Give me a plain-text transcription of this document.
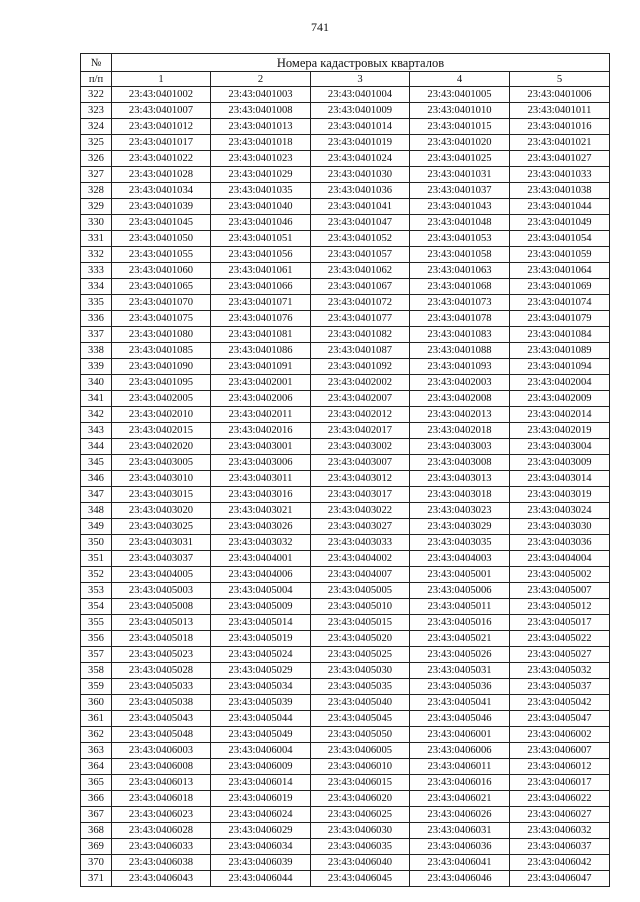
741
№	Номера кадастровых кварталов				
п/п	1	2	3	4	5
322	23:43:0401002	23:43:0401003	23:43:0401004	23:43:0401005	23:43:0401006
323	23:43:0401007	23:43:0401008	23:43:0401009	23:43:0401010	23:43:0401011
324	23:43:0401012	23:43:0401013	23:43:0401014	23:43:0401015	23:43:0401016
325	23:43:0401017	23:43:0401018	23:43:0401019	23:43:0401020	23:43:0401021
326	23:43:0401022	23:43:0401023	23:43:0401024	23:43:0401025	23:43:0401027
327	23:43:0401028	23:43:0401029	23:43:0401030	23:43:0401031	23:43:0401033
328	23:43:0401034	23:43:0401035	23:43:0401036	23:43:0401037	23:43:0401038
329	23:43:0401039	23:43:0401040	23:43:0401041	23:43:0401043	23:43:0401044
330	23:43:0401045	23:43:0401046	23:43:0401047	23:43:0401048	23:43:0401049
331	23:43:0401050	23:43:0401051	23:43:0401052	23:43:0401053	23:43:0401054
332	23:43:0401055	23:43:0401056	23:43:0401057	23:43:0401058	23:43:0401059
333	23:43:0401060	23:43:0401061	23:43:0401062	23:43:0401063	23:43:0401064
334	23:43:0401065	23:43:0401066	23:43:0401067	23:43:0401068	23:43:0401069
335	23:43:0401070	23:43:0401071	23:43:0401072	23:43:0401073	23:43:0401074
336	23:43:0401075	23:43:0401076	23:43:0401077	23:43:0401078	23:43:0401079
337	23:43:0401080	23:43:0401081	23:43:0401082	23:43:0401083	23:43:0401084
338	23:43:0401085	23:43:0401086	23:43:0401087	23:43:0401088	23:43:0401089
339	23:43:0401090	23:43:0401091	23:43:0401092	23:43:0401093	23:43:0401094
340	23:43:0401095	23:43:0402001	23:43:0402002	23:43:0402003	23:43:0402004
341	23:43:0402005	23:43:0402006	23:43:0402007	23:43:0402008	23:43:0402009
342	23:43:0402010	23:43:0402011	23:43:0402012	23:43:0402013	23:43:0402014
343	23:43:0402015	23:43:0402016	23:43:0402017	23:43:0402018	23:43:0402019
344	23:43:0402020	23:43:0403001	23:43:0403002	23:43:0403003	23:43:0403004
345	23:43:0403005	23:43:0403006	23:43:0403007	23:43:0403008	23:43:0403009
346	23:43:0403010	23:43:0403011	23:43:0403012	23:43:0403013	23:43:0403014
347	23:43:0403015	23:43:0403016	23:43:0403017	23:43:0403018	23:43:0403019
348	23:43:0403020	23:43:0403021	23:43:0403022	23:43:0403023	23:43:0403024
349	23:43:0403025	23:43:0403026	23:43:0403027	23:43:0403029	23:43:0403030
350	23:43:0403031	23:43:0403032	23:43:0403033	23:43:0403035	23:43:0403036
351	23:43:0403037	23:43:0404001	23:43:0404002	23:43:0404003	23:43:0404004
352	23:43:0404005	23:43:0404006	23:43:0404007	23:43:0405001	23:43:0405002
353	23:43:0405003	23:43:0405004	23:43:0405005	23:43:0405006	23:43:0405007
354	23:43:0405008	23:43:0405009	23:43:0405010	23:43:0405011	23:43:0405012
355	23:43:0405013	23:43:0405014	23:43:0405015	23:43:0405016	23:43:0405017
356	23:43:0405018	23:43:0405019	23:43:0405020	23:43:0405021	23:43:0405022
357	23:43:0405023	23:43:0405024	23:43:0405025	23:43:0405026	23:43:0405027
358	23:43:0405028	23:43:0405029	23:43:0405030	23:43:0405031	23:43:0405032
359	23:43:0405033	23:43:0405034	23:43:0405035	23:43:0405036	23:43:0405037
360	23:43:0405038	23:43:0405039	23:43:0405040	23:43:0405041	23:43:0405042
361	23:43:0405043	23:43:0405044	23:43:0405045	23:43:0405046	23:43:0405047
362	23:43:0405048	23:43:0405049	23:43:0405050	23:43:0406001	23:43:0406002
363	23:43:0406003	23:43:0406004	23:43:0406005	23:43:0406006	23:43:0406007
364	23:43:0406008	23:43:0406009	23:43:0406010	23:43:0406011	23:43:0406012
365	23:43:0406013	23:43:0406014	23:43:0406015	23:43:0406016	23:43:0406017
366	23:43:0406018	23:43:0406019	23:43:0406020	23:43:0406021	23:43:0406022
367	23:43:0406023	23:43:0406024	23:43:0406025	23:43:0406026	23:43:0406027
368	23:43:0406028	23:43:0406029	23:43:0406030	23:43:0406031	23:43:0406032
369	23:43:0406033	23:43:0406034	23:43:0406035	23:43:0406036	23:43:0406037
370	23:43:0406038	23:43:0406039	23:43:0406040	23:43:0406041	23:43:0406042
371	23:43:0406043	23:43:0406044	23:43:0406045	23:43:0406046	23:43:0406047
